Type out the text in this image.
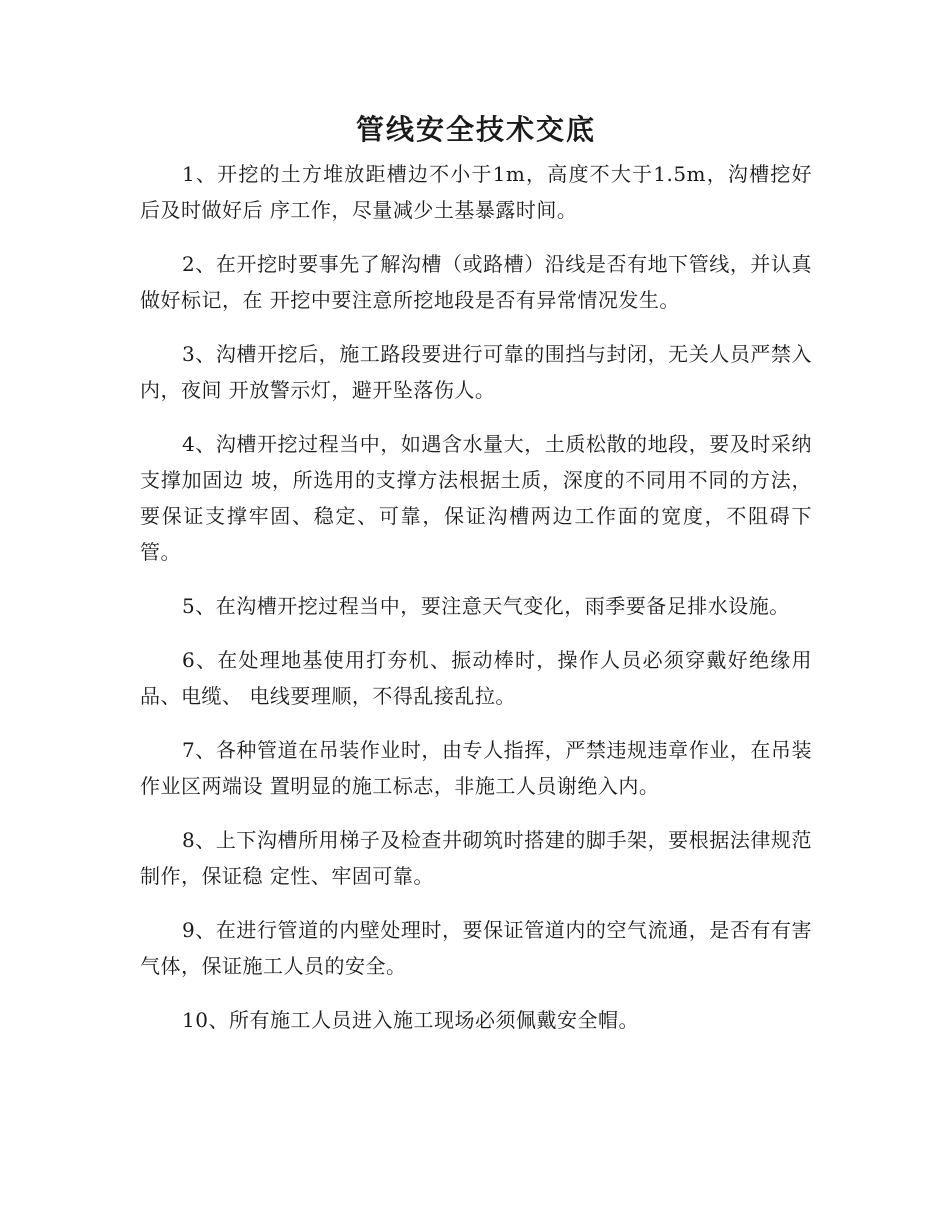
管线安全技术交底

1、开挖的土方堆放距槽边不小于1m，高度不大于1.5m，沟槽挖好后及时做好后 序工作，尽量减少土基暴露时间。

2、在开挖时要事先了解沟槽（或路槽）沿线是否有地下管线，并认真做好标记，在 开挖中要注意所挖地段是否有异常情况发生。

3、沟槽开挖后，施工路段要进行可靠的围挡与封闭，无关人员严禁入内，夜间 开放警示灯，避开坠落伤人。

4、沟槽开挖过程当中，如遇含水量大，土质松散的地段，要及时采纳支撑加固边 坡，所选用的支撑方法根据土质，深度的不同用不同的方法，要保证支撑牢固、稳定、可靠，保证沟槽两边工作面的宽度，不阻碍下管。

5、在沟槽开挖过程当中，要注意天气变化，雨季要备足排水设施。

6、在处理地基使用打夯机、振动棒时，操作人员必须穿戴好绝缘用品、电缆、 电线要理顺，不得乱接乱拉。

7、各种管道在吊装作业时，由专人指挥，严禁违规违章作业，在吊装作业区两端设 置明显的施工标志，非施工人员谢绝入内。

8、上下沟槽所用梯子及检查井砌筑时搭建的脚手架，要根据法律规范制作，保证稳 定性、牢固可靠。

9、在进行管道的内壁处理时，要保证管道内的空气流通，是否有有害气体，保证施工人员的安全。

10、所有施工人员进入施工现场必须佩戴安全帽。
